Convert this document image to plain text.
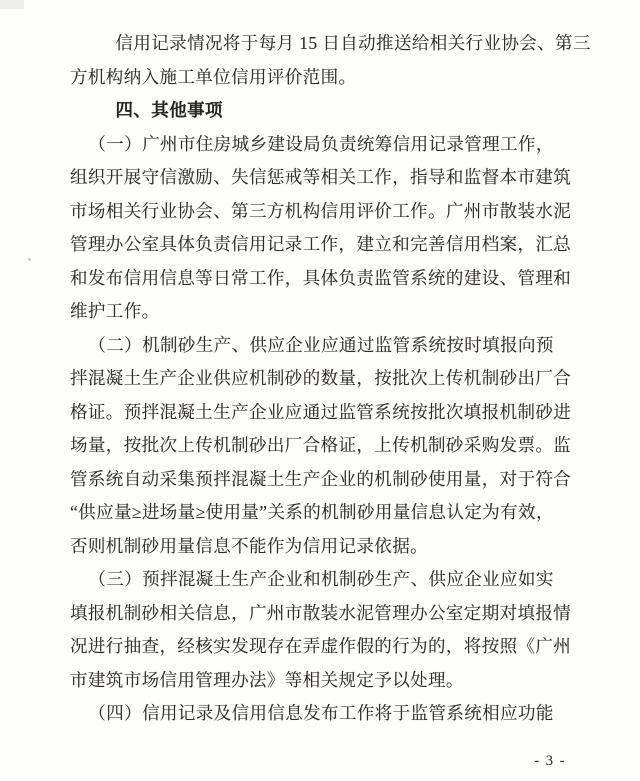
信用记录情况将于每月 15 日自动推送给相关行业协会、第三
方机构纳入施工单位信用评价范围。
四、其他事项
（一）广州市住房城乡建设局负责统筹信用记录管理工作，
组织开展守信激励、失信惩戒等相关工作，指导和监督本市建筑
市场相关行业协会、第三方机构信用评价工作。广州市散装水泥
管理办公室具体负责信用记录工作，建立和完善信用档案，汇总
和发布信用信息等日常工作，具体负责监管系统的建设、管理和
维护工作。
（二）机制砂生产、供应企业应通过监管系统按时填报向预
拌混凝土生产企业供应机制砂的数量，按批次上传机制砂出厂合
格证。预拌混凝土生产企业应通过监管系统按批次填报机制砂进
场量，按批次上传机制砂出厂合格证，上传机制砂采购发票。监
管系统自动采集预拌混凝土生产企业的机制砂使用量，对于符合
“供应量≥进场量≥使用量”关系的机制砂用量信息认定为有效，
否则机制砂用量信息不能作为信用记录依据。
（三）预拌混凝土生产企业和机制砂生产、供应企业应如实
填报机制砂相关信息，广州市散装水泥管理办公室定期对填报情
况进行抽查，经核实发现存在弄虚作假的行为的，将按照《广州
市建筑市场信用管理办法》等相关规定予以处理。
（四）信用记录及信用信息发布工作将于监管系统相应功能
- 3 -
